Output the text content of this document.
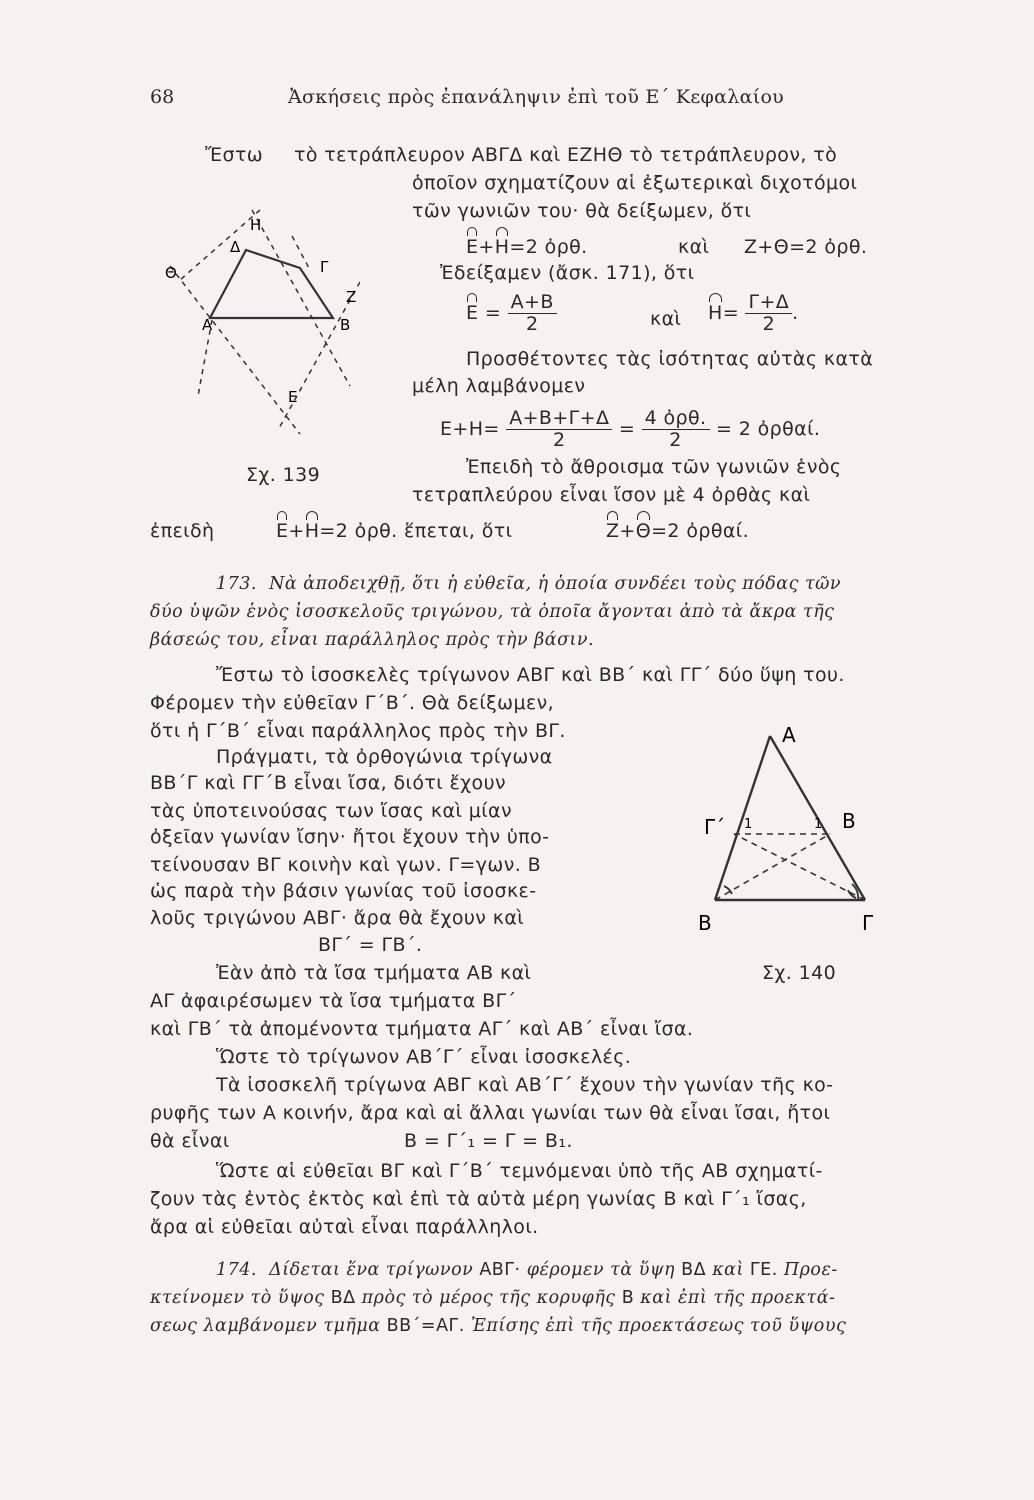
68	Ἀσκήσεις πρὸς ἐπανάληψιν ἐπὶ τοῦ Ε΄ Κεφαλαίου
Η
Δ
Γ
Θ
Ζ
Α	Β
Ε
Σχ. 139
Ἔστω τὸ τετράπλευρον ΑΒΓΔ καὶ ΕΖΗΘ τὸ τετράπλευρον, τὸ
ὁποῖον σχηματίζουν αἱ ἐξωτερικαὶ διχοτόμοι
τῶν γωνιῶν του· θὰ δείξωμεν, ὅτι
Ε+Η=2 ὀρθ.	καὶ Ζ+Θ=2 ὀρθ.
Ἐδείξαμεν (ἄσκ. 171), ὅτι
$E = \frac{A+B}{2}$	καὶ $H= \frac{\Gamma+\Delta}{2}$ .
Προσθέτοντες τὰς ἰσότητας αὐτὰς κατὰ
μέλη λαμβάνομεν
$E+H= \frac{A+B+\Gamma+\Delta}{2} = \frac{\text{4 ὀρθ.}}{2} = 2$ ὀρθαί.
Ἐπειδὴ τὸ ἄθροισμα τῶν γωνιῶν ἑνὸς
τετραπλεύρου εἶναι ἴσον μὲ 4 ὀρθὰς καὶ
ἐπειδὴ	Ε+Η=2 ὀρθ. ἕπεται, ὅτι	Ζ+Θ=2 ὀρθαί.
173. Νὰ ἀποδειχθῇ, ὅτι ἡ εὐθεῖα, ἡ ὁποία συνδέει τοὺς πόδας τῶν
δύο ὑψῶν ἑνὸς ἰσοσκελοῦς τριγώνου, τὰ ὁποῖα ἄγονται ἀπὸ τὰ ἄκρα τῆς
βάσεώς του, εἶναι παράλληλος πρὸς τὴν βάσιν.
Ἔστω τὸ ἰσοσκελὲς τρίγωνον ΑΒΓ καὶ ΒΒ΄ καὶ ΓΓ΄ δύο ὕψη του.
Φέρομεν τὴν εὐθεῖαν Γ΄Β΄. Θὰ δείξωμεν,
ὅτι ἡ Γ΄Β΄ εἶναι παράλληλος πρὸς τὴν ΒΓ.
Πράγματι, τὰ ὀρθογώνια τρίγωνα
ΒΒ΄Γ καὶ ΓΓ΄Β εἶναι ἴσα, διότι ἔχουν
τὰς ὑποτεινούσας των ἴσας καὶ μίαν
ὀξεῖαν γωνίαν ἴσην· ἤτοι ἔχουν τὴν ὑπο-
τείνουσαν ΒΓ κοινὴν καὶ γων. Γ=γων. Β
ὡς παρὰ τὴν βάσιν γωνίας τοῦ ἰσοσκε-
λοῦς τριγώνου ΑΒΓ· ἄρα θὰ ἔχουν καὶ
ΒΓ΄ = ΓΒ΄.
Ἐὰν ἀπὸ τὰ ἴσα τμήματα ΑΒ καὶ
ΑΓ ἀφαιρέσωμεν τὰ ἴσα τμήματα ΒΓ΄
καὶ ΓΒ΄ τὰ ἀπομένοντα τμήματα ΑΓ΄ καὶ ΑΒ΄ εἶναι ἴσα.
Ὥστε τὸ τρίγωνον ΑΒ΄Γ΄ εἶναι ἰσοσκελές.
Τὰ ἰσοσκελῆ τρίγωνα ΑΒΓ καὶ ΑΒ΄Γ΄ ἔχουν τὴν γωνίαν τῆς κο-
ρυφῆς των Α κοινήν, ἄρα καὶ αἱ ἄλλαι γωνίαι των θὰ εἶναι ἴσαι, ἤτοι
θὰ εἶναι	Β = Γ΄₁ = Γ = Β₁.
Ὥστε αἱ εὐθεῖαι ΒΓ καὶ Γ΄Β΄ τεμνόμεναι ὑπὸ τῆς ΑΒ σχηματί-
ζουν τὰς ἐντὸς ἐκτὸς καὶ ἐπὶ τὰ αὐτὰ μέρη γωνίας Β καὶ Γ΄₁ ἴσας,
ἄρα αἱ εὐθεῖαι αὐταὶ εἶναι παράλληλοι.
Α
Γ΄	Β
Β	Γ
1	1
Σχ. 140
174. Δίδεται ἕνα τρίγωνον ΑΒΓ· φέρομεν τὰ ὕψη ΒΔ καὶ ΓΕ. Προε-
κτείνομεν τὸ ὕψος ΒΔ πρὸς τὸ μέρος τῆς κορυφῆς Β καὶ ἐπὶ τῆς προεκτά-
σεως λαμβάνομεν τμῆμα ΒΒ΄=ΑΓ. Ἐπίσης ἐπὶ τῆς προεκτάσεως τοῦ ὕψους
